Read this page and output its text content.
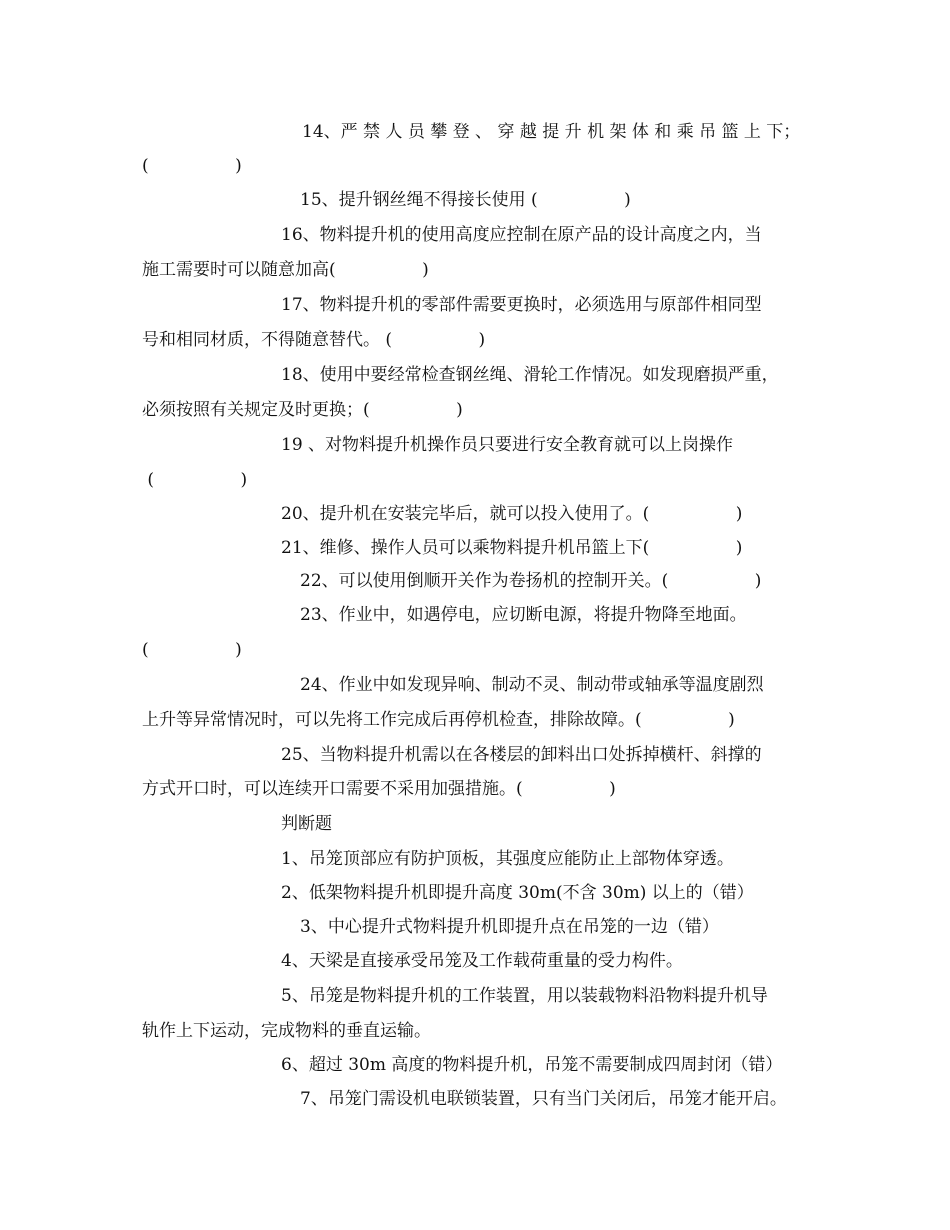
14、严 禁 人 员 攀 登 、 穿 越 提 升 机 架 体 和 乘 吊 篮 上 下；

(                )

15、提升钢丝绳不得接长使用 (                )

16、物料提升机的使用高度应控制在原产品的设计高度之内，当

施工需要时可以随意加高(                )

17、物料提升机的零部件需要更换时，必须选用与原部件相同型

号和相同材质，不得随意替代。 (                )

18、使用中要经常检查钢丝绳、滑轮工作情况。如发现磨损严重，

必须按照有关规定及时更换；(                )

19 、对物料提升机操作员只要进行安全教育就可以上岗操作

(                )

20、提升机在安装完毕后，就可以投入使用了。(                )

21、维修、操作人员可以乘物料提升机吊篮上下(                )

22、可以使用倒顺开关作为卷扬机的控制开关。(                )

23、作业中，如遇停电，应切断电源，将提升物降至地面。

(                )

24、作业中如发现异响、制动不灵、制动带或轴承等温度剧烈

上升等异常情况时，可以先将工作完成后再停机检查，排除故障。(                )

25、当物料提升机需以在各楼层的卸料出口处拆掉横杆、斜撑的

方式开口时，可以连续开口需要不采用加强措施。(                )

判断题

1、吊笼顶部应有防护顶板，其强度应能防止上部物体穿透。

2、低架物料提升机即提升高度 30m(不含 30m) 以上的（错）

3、中心提升式物料提升机即提升点在吊笼的一边（错）

4、天梁是直接承受吊笼及工作载荷重量的受力构件。

5、吊笼是物料提升机的工作装置，用以装载物料沿物料提升机导

轨作上下运动，完成物料的垂直运输。

6、超过 30m 高度的物料提升机，吊笼不需要制成四周封闭（错）

7、吊笼门需设机电联锁装置，只有当门关闭后，吊笼才能开启。
